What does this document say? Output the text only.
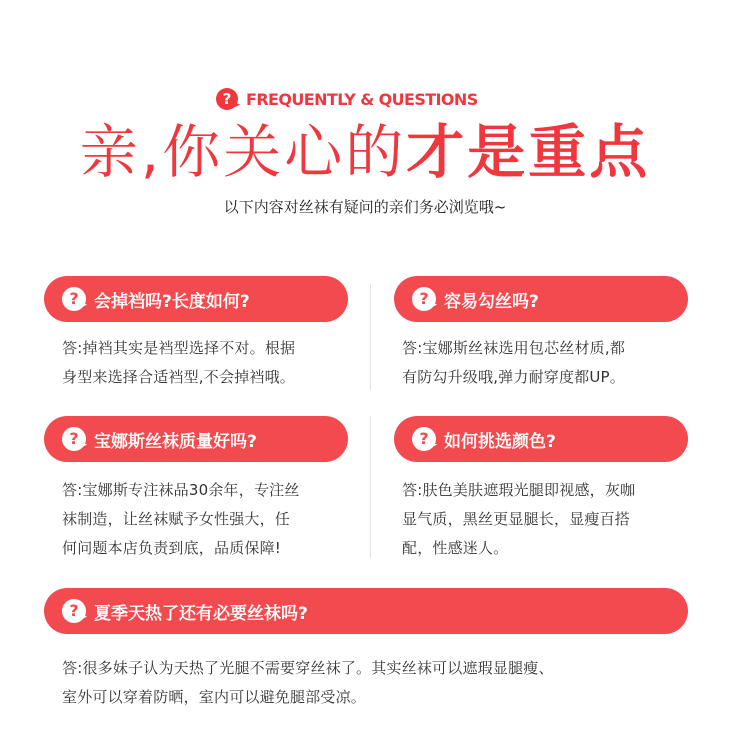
? FREQUENTLY & QUESTIONS
亲,你关心的才是重点
以下内容对丝袜有疑问的亲们务必浏览哦~
? 会掉裆吗?长度如何?
答:掉裆其实是裆型选择不对。根据
身型来选择合适裆型,不会掉裆哦。
? 容易勾丝吗?
答:宝娜斯丝袜选用包芯丝材质,都
有防勾升级哦,弹力耐穿度都UP。
? 宝娜斯丝袜质量好吗?
答:宝娜斯专注袜品30余年，专注丝
袜制造，让丝袜赋予女性强大，任
何问题本店负责到底，品质保障!
? 如何挑选颜色?
答:肤色美肤遮瑕光腿即视感，灰咖
显气质，黑丝更显腿长，显瘦百搭
配，性感迷人。
? 夏季天热了还有必要丝袜吗?
答:很多妹子认为天热了光腿不需要穿丝袜了。其实丝袜可以遮瑕显腿瘦、
室外可以穿着防晒，室内可以避免腿部受凉。
